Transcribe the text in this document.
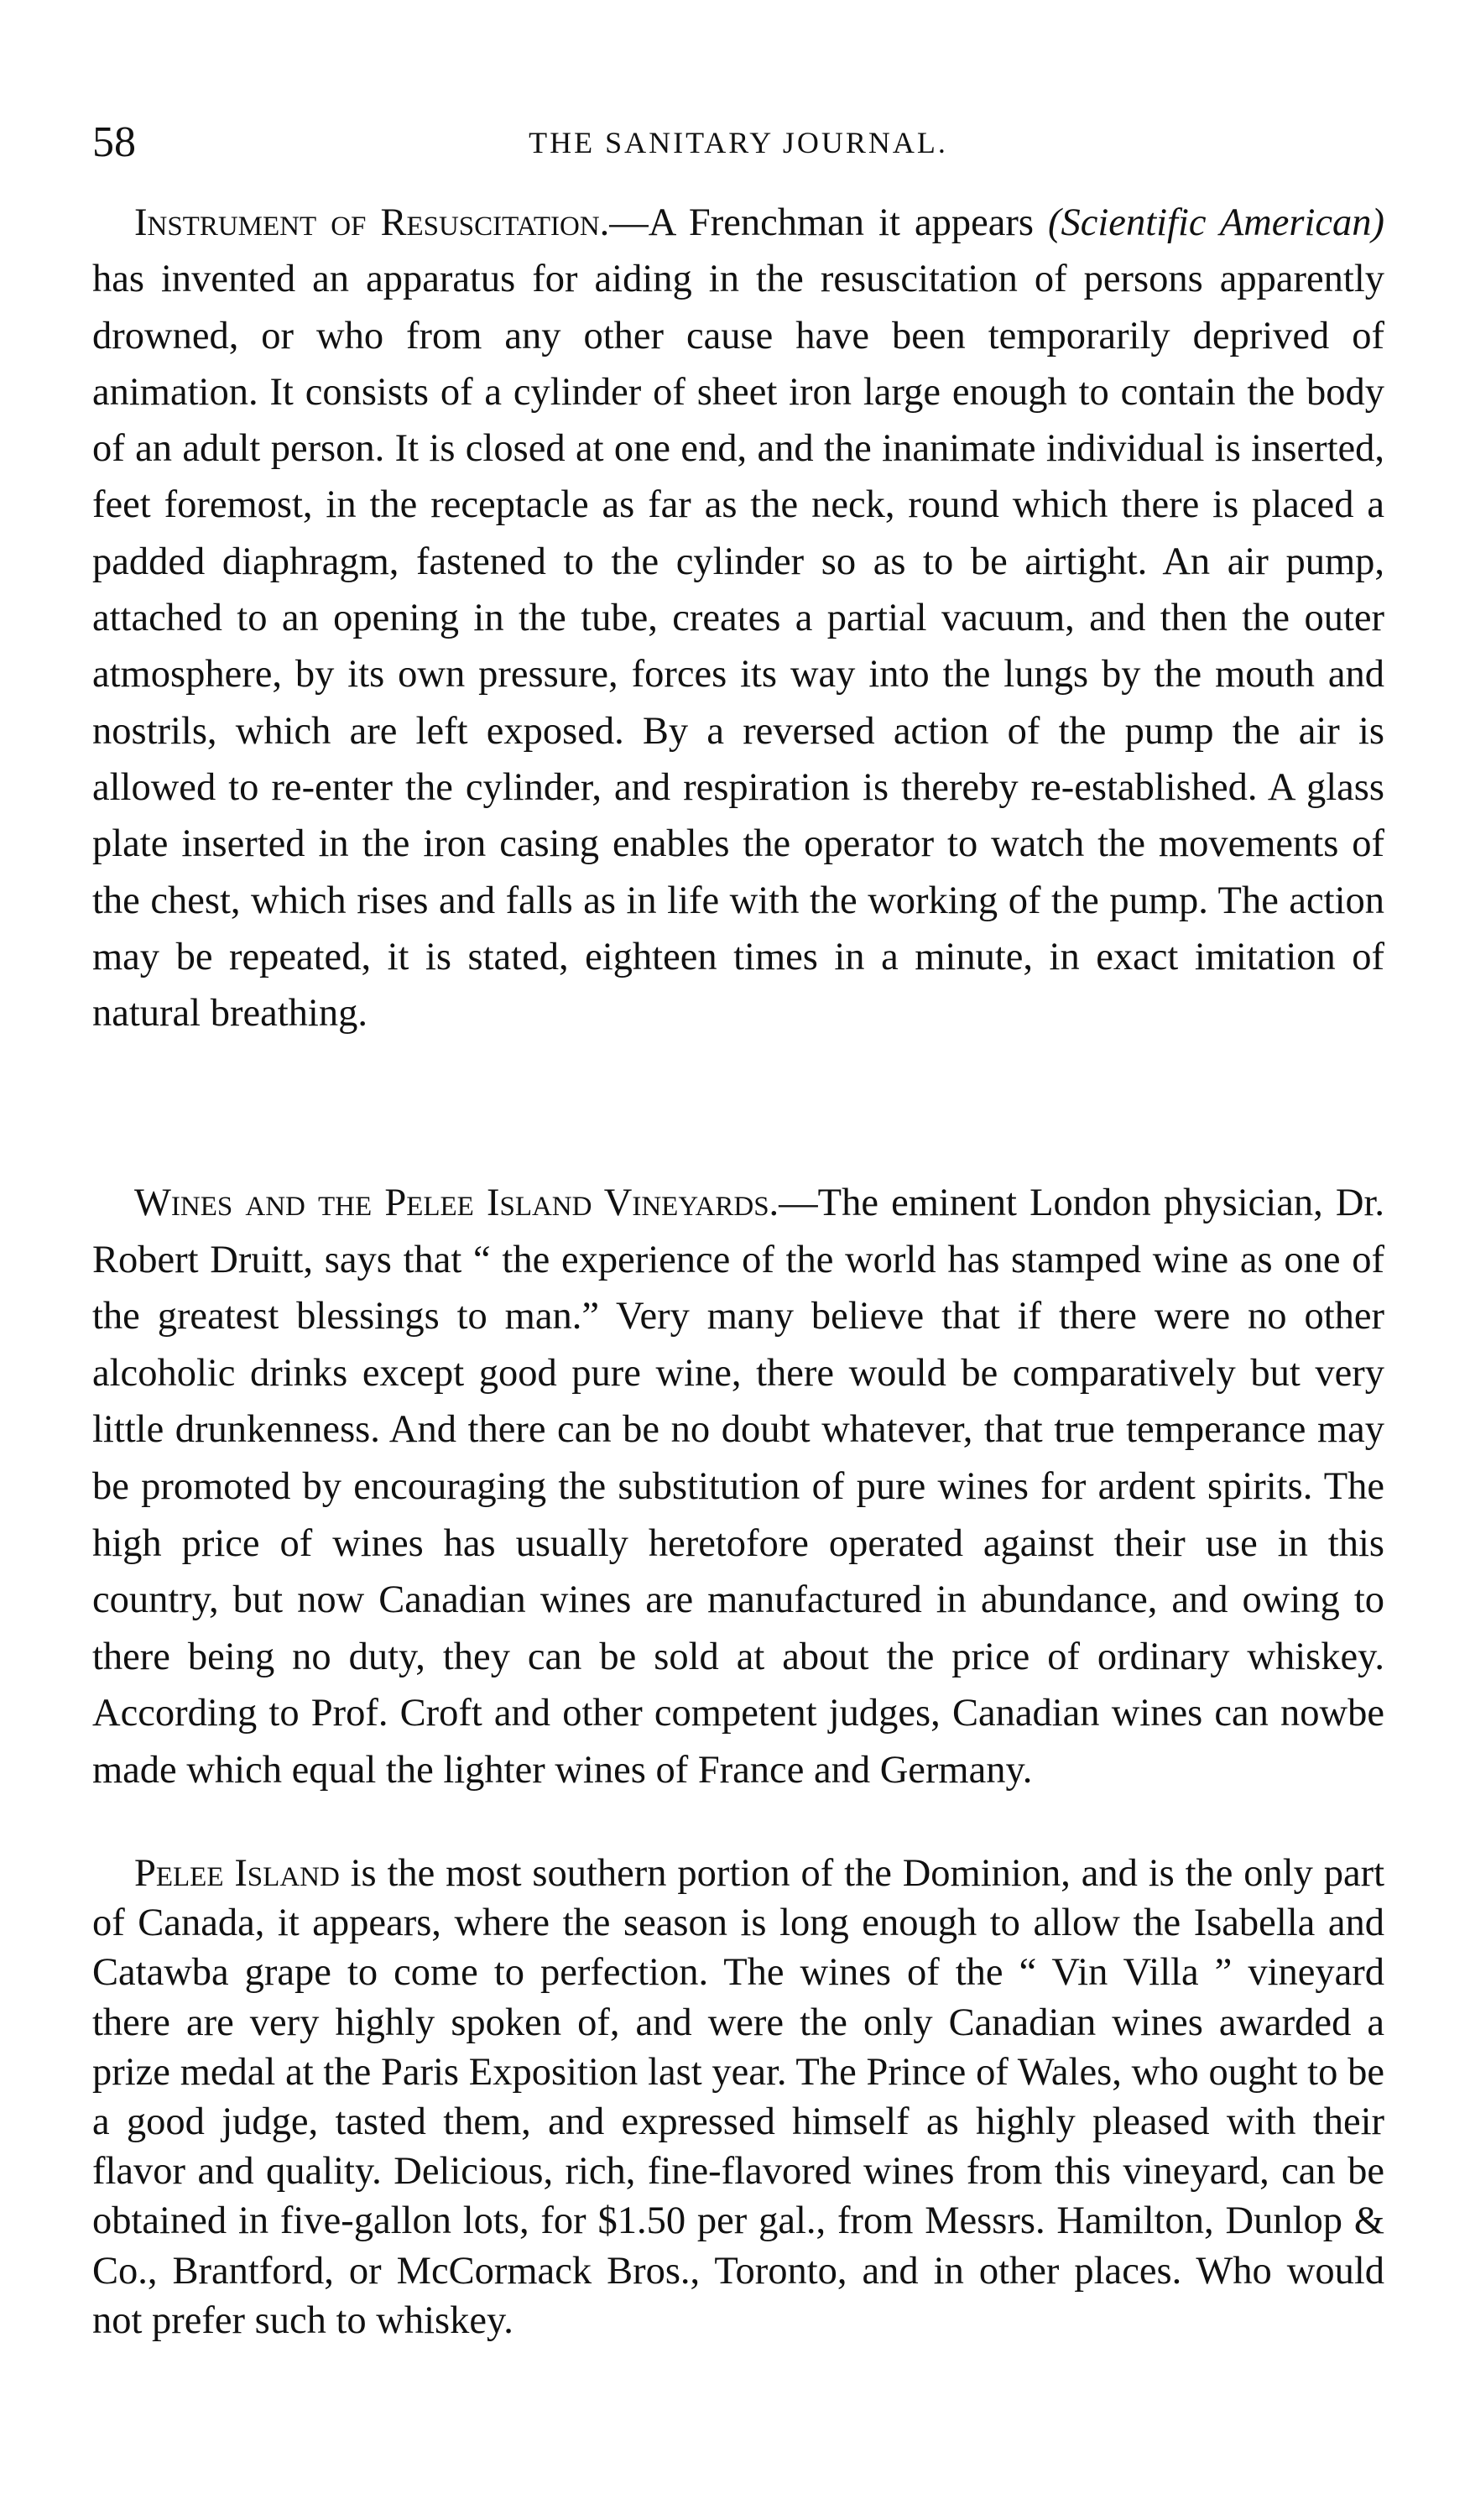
58	THE SANITARY JOURNAL.

Instrument of Resuscitation.—A Frenchman it appears (Scientific American) has invented an apparatus for aiding in the resuscitation of persons apparently drowned, or who from any other cause have been temporarily deprived of animation. It consists of a cylinder of sheet iron large enough to contain the body of an adult person. It is closed at one end, and the inanimate individual is inserted, feet foremost, in the receptacle as far as the neck, round which there is placed a padded diaphragm, fastened to the cylinder so as to be airtight. An air pump, attached to an opening in the tube, creates a partial vacuum, and then the outer atmosphere, by its own pressure, forces its way into the lungs by the mouth and nostrils, which are left exposed. By a reversed action of the pump the air is allowed to re-enter the cylinder, and respiration is thereby re-established. A glass plate inserted in the iron casing enables the operator to watch the movements of the chest, which rises and falls as in life with the working of the pump. The action may be repeated, it is stated, eighteen times in a minute, in exact imitation of natural breathing.

Wines and the Pelee Island Vineyards.—The eminent London physician, Dr. Robert Druitt, says that “ the experience of the world has stamped wine as one of the greatest blessings to man.” Very many believe that if there were no other alcoholic drinks except good pure wine, there would be comparatively but very little drunkenness. And there can be no doubt whatever, that true temperance may be promoted by encouraging the substitution of pure wines for ardent spirits. The high price of wines has usually heretofore operated against their use in this country, but now Canadian wines are manufactured in abundance, and owing to there being no duty, they can be sold at about the price of ordinary whiskey. According to Prof. Croft and other competent judges, Canadian wines can nowbe made which equal the lighter wines of France and Germany.

Pelee Island is the most southern portion of the Dominion, and is the only part of Canada, it appears, where the season is long enough to allow the Isabella and Catawba grape to come to perfection. The wines of the “ Vin Villa ” vineyard there are very highly spoken of, and were the only Canadian wines awarded a prize medal at the Paris Exposition last year. The Prince of Wales, who ought to be a good judge, tasted them, and expressed himself as highly pleased with their flavor and quality. Delicious, rich, fine-flavored wines from this vineyard, can be obtained in five-gallon lots, for $1.50 per gal., from Messrs. Hamilton, Dunlop & Co., Brantford, or McCormack Bros., Toronto, and in other places. Who would not prefer such to whiskey.
